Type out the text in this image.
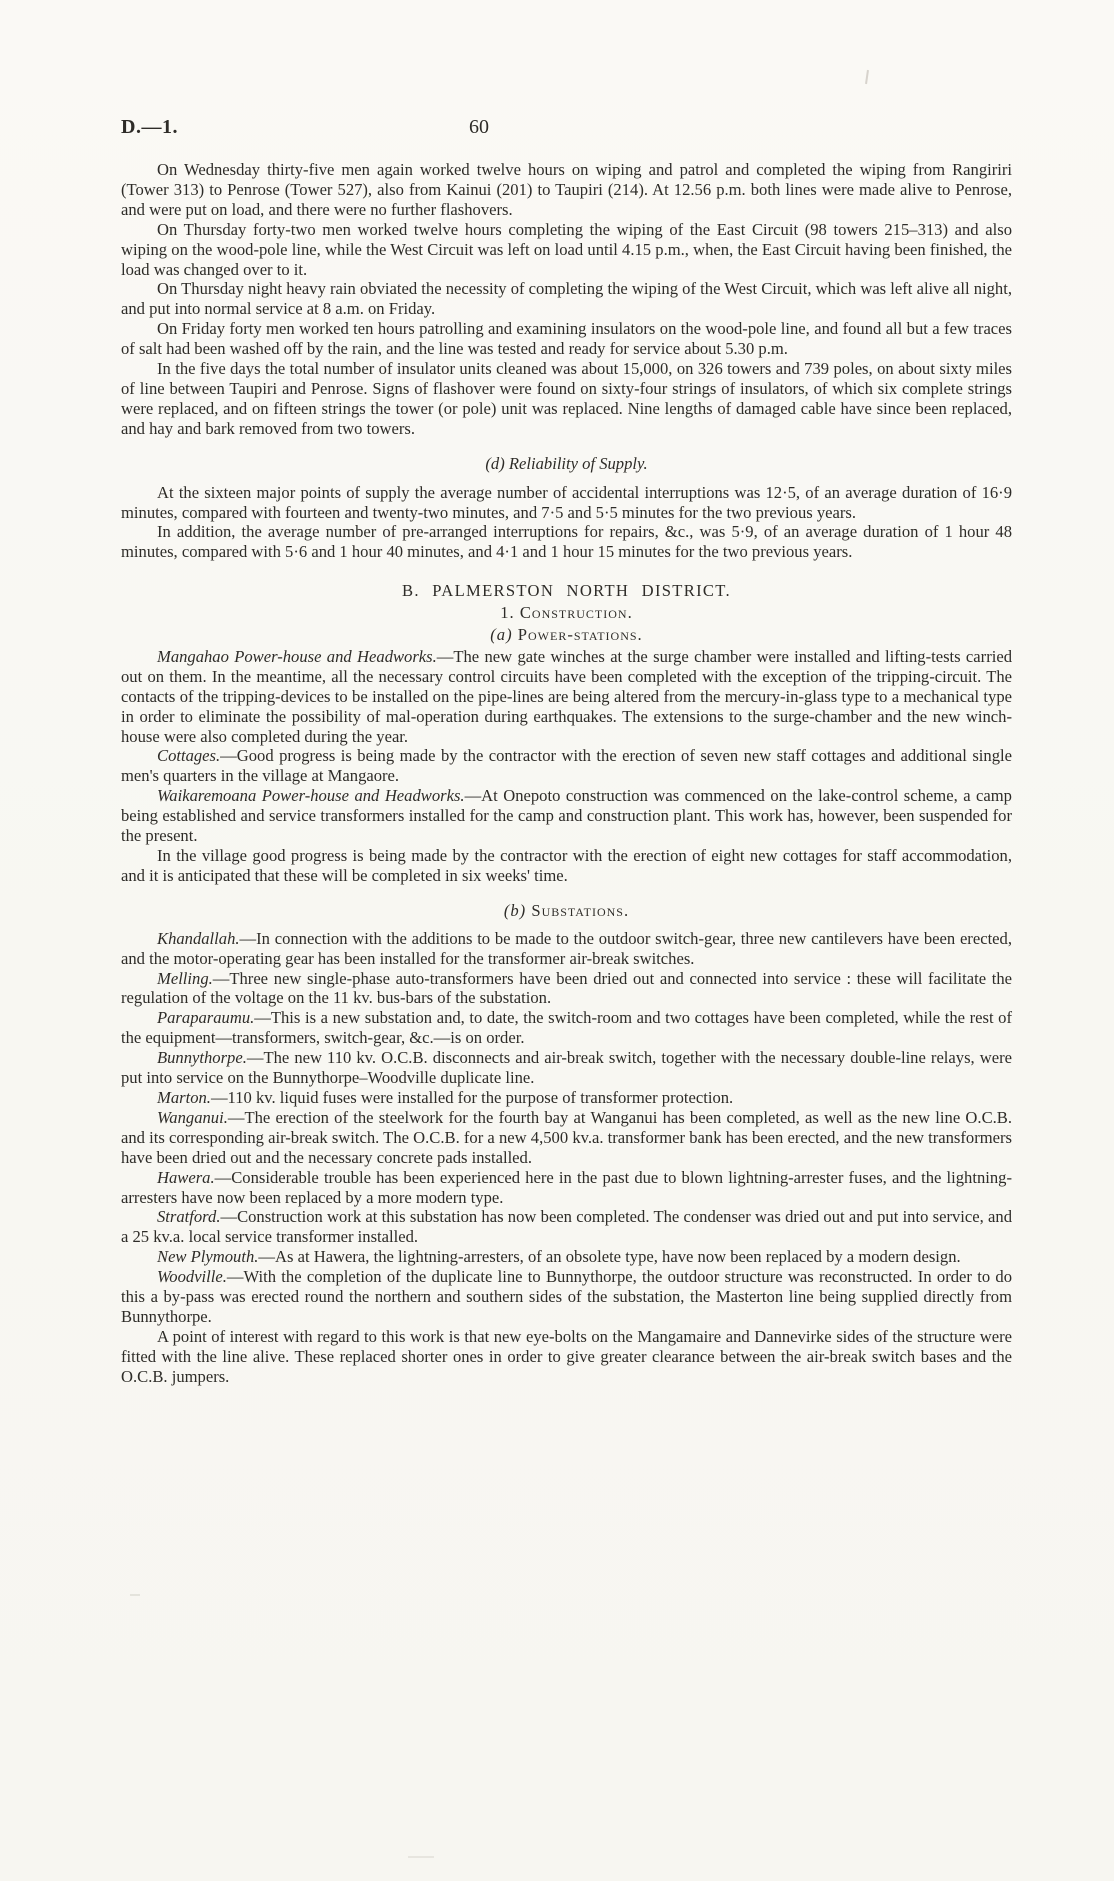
D.—1.	60

On Wednesday thirty-five men again worked twelve hours on wiping and patrol and completed the wiping from Rangiriri (Tower 313) to Penrose (Tower 527), also from Kainui (201) to Taupiri (214). At 12.56 p.m. both lines were made alive to Penrose, and were put on load, and there were no further flashovers.

On Thursday forty-two men worked twelve hours completing the wiping of the East Circuit (98 towers 215–313) and also wiping on the wood-pole line, while the West Circuit was left on load until 4.15 p.m., when, the East Circuit having been finished, the load was changed over to it.

On Thursday night heavy rain obviated the necessity of completing the wiping of the West Circuit, which was left alive all night, and put into normal service at 8 a.m. on Friday.

On Friday forty men worked ten hours patrolling and examining insulators on the wood-pole line, and found all but a few traces of salt had been washed off by the rain, and the line was tested and ready for service about 5.30 p.m.

In the five days the total number of insulator units cleaned was about 15,000, on 326 towers and 739 poles, on about sixty miles of line between Taupiri and Penrose. Signs of flashover were found on sixty-four strings of insulators, of which six complete strings were replaced, and on fifteen strings the tower (or pole) unit was replaced. Nine lengths of damaged cable have since been replaced, and hay and bark removed from two towers.

(d) Reliability of Supply.

At the sixteen major points of supply the average number of accidental interruptions was 12·5, of an average duration of 16·9 minutes, compared with fourteen and twenty-two minutes, and 7·5 and 5·5 minutes for the two previous years.

In addition, the average number of pre-arranged interruptions for repairs, &c., was 5·9, of an average duration of 1 hour 48 minutes, compared with 5·6 and 1 hour 40 minutes, and 4·1 and 1 hour 15 minutes for the two previous years.

B. PALMERSTON NORTH DISTRICT.
1. Construction.
(a) Power-stations.

Mangahao Power-house and Headworks.—The new gate winches at the surge chamber were installed and lifting-tests carried out on them. In the meantime, all the necessary control circuits have been completed with the exception of the tripping-circuit. The contacts of the tripping-devices to be installed on the pipe-lines are being altered from the mercury-in-glass type to a mechanical type in order to eliminate the possibility of mal-operation during earthquakes. The extensions to the surge-chamber and the new winch-house were also completed during the year.

Cottages.—Good progress is being made by the contractor with the erection of seven new staff cottages and additional single men's quarters in the village at Mangaore.

Waikaremoana Power-house and Headworks.—At Onepoto construction was commenced on the lake-control scheme, a camp being established and service transformers installed for the camp and construction plant. This work has, however, been suspended for the present.

In the village good progress is being made by the contractor with the erection of eight new cottages for staff accommodation, and it is anticipated that these will be completed in six weeks' time.

(b) Substations.

Khandallah.—In connection with the additions to be made to the outdoor switch-gear, three new cantilevers have been erected, and the motor-operating gear has been installed for the transformer air-break switches.

Melling.—Three new single-phase auto-transformers have been dried out and connected into service : these will facilitate the regulation of the voltage on the 11 kv. bus-bars of the substation.

Paraparaumu.—This is a new substation and, to date, the switch-room and two cottages have been completed, while the rest of the equipment—transformers, switch-gear, &c.—is on order.

Bunnythorpe.—The new 110 kv. O.C.B. disconnects and air-break switch, together with the necessary double-line relays, were put into service on the Bunnythorpe–Woodville duplicate line.

Marton.—110 kv. liquid fuses were installed for the purpose of transformer protection.

Wanganui.—The erection of the steelwork for the fourth bay at Wanganui has been completed, as well as the new line O.C.B. and its corresponding air-break switch. The O.C.B. for a new 4,500 kv.a. transformer bank has been erected, and the new transformers have been dried out and the necessary concrete pads installed.

Hawera.—Considerable trouble has been experienced here in the past due to blown lightning-arrester fuses, and the lightning-arresters have now been replaced by a more modern type.

Stratford.—Construction work at this substation has now been completed. The condenser was dried out and put into service, and a 25 kv.a. local service transformer installed.

New Plymouth.—As at Hawera, the lightning-arresters, of an obsolete type, have now been replaced by a modern design.

Woodville.—With the completion of the duplicate line to Bunnythorpe, the outdoor structure was reconstructed. In order to do this a by-pass was erected round the northern and southern sides of the substation, the Masterton line being supplied directly from Bunnythorpe.

A point of interest with regard to this work is that new eye-bolts on the Mangamaire and Dannevirke sides of the structure were fitted with the line alive. These replaced shorter ones in order to give greater clearance between the air-break switch bases and the O.C.B. jumpers.
